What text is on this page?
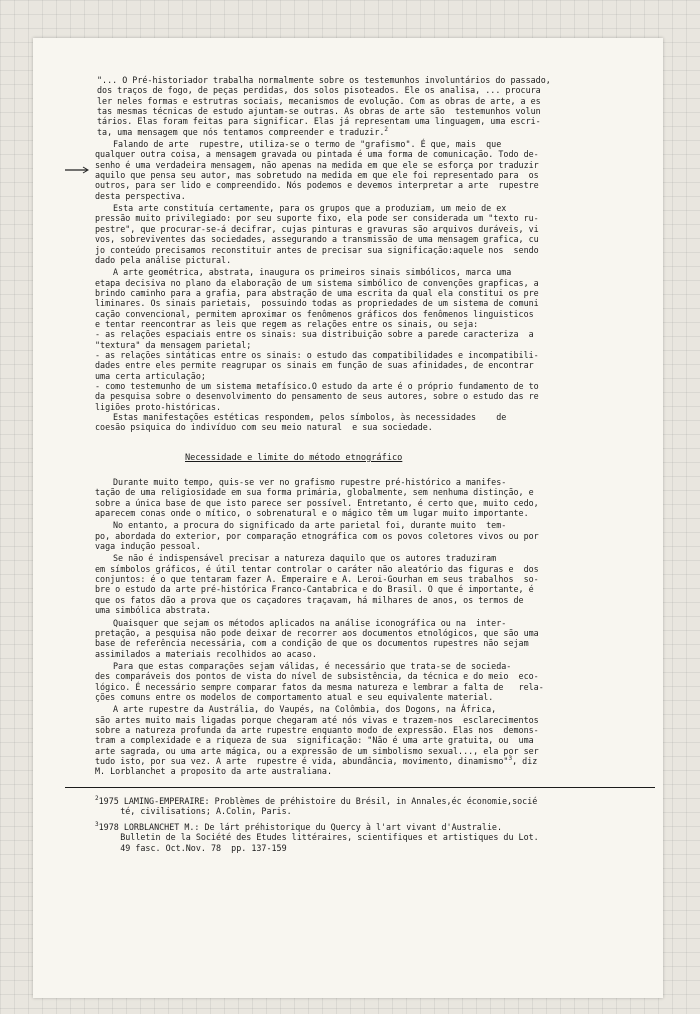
"... O Pré-historiador trabalha normalmente sobre os testemunhos involuntários do passado,
dos traços de fogo, de peças perdidas, dos solos pisoteados. Ele os analisa, ... procura
ler neles formas e estrutras sociais, mecanismos de evolução. Com as obras de arte, a es
tas mesmas técnicas de estudo ajuntam-se outras. As obras de arte são  testemunhos volun
tários. Elas foram feitas para significar. Elas já representam uma linguagem, uma escri-
ta, uma mensagem que nós tentamos compreender e traduzir.$^2$
Falando de arte  rupestre, utiliza-se o termo de "grafismo". É que, mais  que
qualquer outra coisa, a mensagem gravada ou pintada é uma forma de comunicação. Todo de-
senho é uma verdadeira mensagem, não apenas na medida em que ele se esforça por traduzir
aquilo que pensa seu autor, mas sobretudo na medida em que ele foi representado para  os
outros, para ser lido e compreendido. Nós podemos e devemos interpretar a arte  rupestre
desta perspectiva.
Esta arte constituía certamente, para os grupos que a produziam, um meio de ex
pressão muito privilegiado: por seu suporte fixo, ela pode ser considerada um "texto ru-
pestre", que procurar-se-á decifrar, cujas pinturas e gravuras são arquivos duráveis, vi
vos, sobreviventes das sociedades, assegurando a transmissão de uma mensagem grafica, cu
jo conteúdo precisamos reconstituir antes de precisar sua significação:aquele nos  sendo
dado pela análise pictural.
A arte geométrica, abstrata, inaugura os primeiros sinais simbólicos, marca uma
etapa decisiva no plano da elaboração de um sistema simbólico de convenções grapficas, a
brindo caminho para a grafia, para abstração de uma escrita da qual ela constitui os pre
liminares. Os sinais parietais,  possuindo todas as propriedades de um sistema de comuni
cação convencional, permitem aproximar os fenômenos gráficos dos fenômenos linguisticos
e tentar reencontrar as leis que regem as relações entre os sinais, ou seja:
- as relações espaciais entre os sinais: sua distribuição sobre a parede caracteriza  a
"textura" da mensagem parietal;
- as relações sintáticas entre os sinais: o estudo das compatibilidades e incompatibili-
dades entre eles permite reagrupar os sinais em função de suas afinidades, de encontrar
uma certa articulação;
- como testemunho de um sistema metafísico.O estudo da arte é o próprio fundamento de to
da pesquisa sobre o desenvolvimento do pensamento de seus autores, sobre o estudo das re
ligiões proto-históricas.
Estas manifestações estéticas respondem, pelos símbolos, às necessidades    de
coesão psiquica do indivíduo com seu meio natural  e sua sociedade.
Necessidade e limite do método etnográfico
Durante muito tempo, quis-se ver no grafismo rupestre pré-histórico a manifes-
tação de uma religiosidade em sua forma primária, globalmente, sem nenhuma distinção, e
sobre a única base de que isto parece ser possível. Entretanto, é certo que, muito cedo,
aparecem conas onde o mítico, o sobrenatural e o mágico têm um lugar muito importante.
No entanto, a procura do significado da arte parietal foi, durante muito  tem-
po, abordada do exterior, por comparação etnográfica com os povos coletores vivos ou por
vaga indução pessoal.
Se não é indispensável precisar a natureza daquilo que os autores traduziram
em símbolos gráficos, é útil tentar controlar o caráter não aleatório das figuras e  dos
conjuntos: é o que tentaram fazer A. Emperaire e A. Leroi-Gourhan em seus trabalhos  so-
bre o estudo da arte pré-histórica Franco-Cantabrica e do Brasil. O que é importante, é
que os fatos dão a prova que os caçadores traçavam, há milhares de anos, os termos de
uma simbólica abstrata.
Quaisquer que sejam os métodos aplicados na análise iconográfica ou na  inter-
pretação, a pesquisa não pode deixar de recorrer aos documentos etnológicos, que são uma
base de referência necessária, com a condição de que os documentos rupestres não sejam
assimilados a materiais recolhidos ao acaso.
Para que estas comparações sejam válidas, é necessário que trata-se de socieda-
des comparáveis dos pontos de vista do nível de subsistência, da técnica e do meio  eco-
lógico. É necessário sempre comparar fatos da mesma natureza e lembrar a falta de   rela-
ções comuns entre os modelos de comportamento atual e seu equivalente material.
A arte rupestre da Austrália, do Vaupés, na Colômbia, dos Dogons, na África,
são artes muito mais ligadas porque chegaram até nós vivas e trazem-nos  esclarecimentos
sobre a natureza profunda da arte rupestre enquanto modo de expressão. Elas nos  demons-
tram a complexidade e a riqueza de sua  significação: "Não é uma arte gratuita, ou  uma
arte sagrada, ou uma arte mágica, ou a expressão de um simbolismo sexual..., ela por ser
tudo isto, por sua vez. A arte  rupestre é vida, abundância, movimento, dinamismo"$^3$, diz
M. Lorblanchet a proposito da arte australiana.
$^2$1975 LAMING-EMPERAIRE: Problèmes de préhistoire du Brésil, in Annales,éc économie,socié
té, civilisations; A.Colin, Paris.
$^3$1978 LORBLANCHET M.: De lárt préhistorique du Quercy à l'art vivant d'Australie.
Bulletin de la Société des Etudes littéraires, scientifiques et artistiques du Lot.
49 fasc. Oct.Nov. 78  pp. 137-159
